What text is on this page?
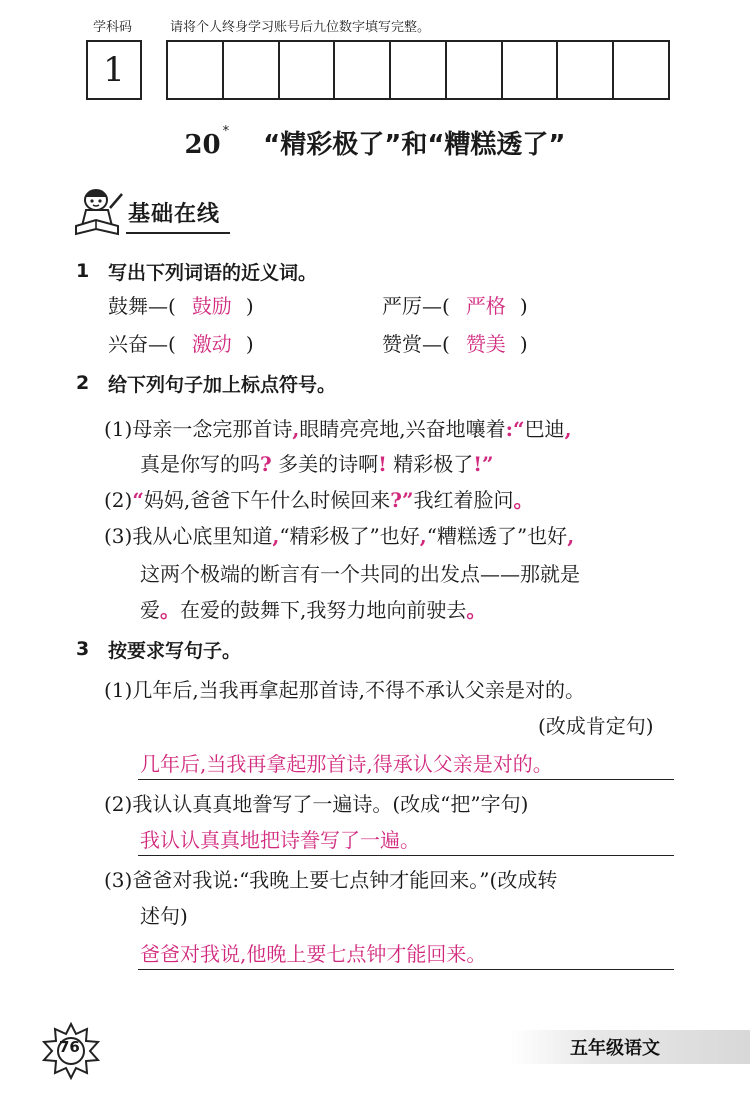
学科码	请将个人终身学习账号后九位数字填写完整。
1
20 * “精彩极了”和“糟糕透了”
基础在线
1 写出下列词语的近义词。
鼓舞—( 鼓励 )	严厉—( 严格 )
兴奋—( 激动 )	赞赏—( 赞美 )
2 给下列句子加上标点符号。
(1)母亲一念完那首诗,眼睛亮亮地,兴奋地嚷着:“巴迪,
真是你写的吗? 多美的诗啊! 精彩极了!”
(2)“妈妈,爸爸下午什么时候回来?”我红着脸问。
(3)我从心底里知道,“精彩极了”也好,“糟糕透了”也好,
这两个极端的断言有一个共同的出发点——那就是
爱。在爱的鼓舞下,我努力地向前驶去。
3 按要求写句子。
(1)几年后,当我再拿起那首诗,不得不承认父亲是对的。
(改成肯定句)
几年后,当我再拿起那首诗,得承认父亲是对的。
(2)我认认真真地誊写了一遍诗。(改成“把”字句)
我认认真真地把诗誊写了一遍。
(3)爸爸对我说:“我晚上要七点钟才能回来。”(改成转
述句)
爸爸对我说,他晚上要七点钟才能回来。
76	五年级语文
